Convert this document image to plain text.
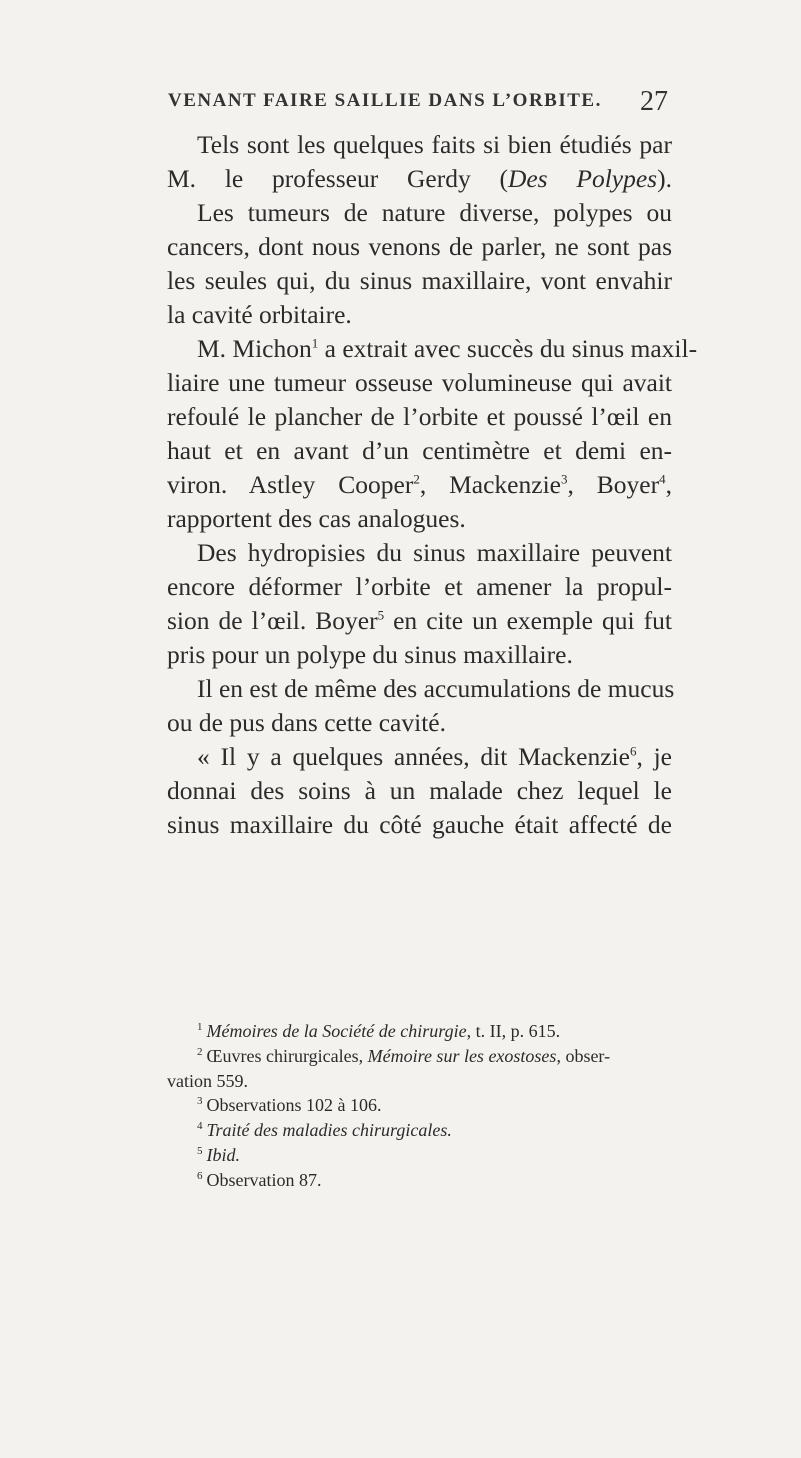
VENANT FAIRE SAILLIE DANS L’ORBITE. 27
Tels sont les quelques faits si bien étudiés par
M. le professeur Gerdy (Des Polypes).
Les tumeurs de nature diverse, polypes ou
cancers, dont nous venons de parler, ne sont pas
les seules qui, du sinus maxillaire, vont envahir
la cavité orbitaire.
M. Michon$^1$ a extrait avec succès du sinus maxil-
liaire une tumeur osseuse volumineuse qui avait
refoulé le plancher de l’orbite et poussé l’œil en
haut et en avant d’un centimètre et demi en-
viron. Astley Cooper$^2$, Mackenzie$^3$, Boyer$^4$,
rapportent des cas analogues.
Des hydropisies du sinus maxillaire peuvent
encore déformer l’orbite et amener la propul-
sion de l’œil. Boyer$^5$ en cite un exemple qui fut
pris pour un polype du sinus maxillaire.
Il en est de même des accumulations de mucus
ou de pus dans cette cavité.
« Il y a quelques années, dit Mackenzie$^6$, je
donnai des soins à un malade chez lequel le
sinus maxillaire du côté gauche était affecté de
$^1$ Mémoires de la Société de chirurgie, t. II, p. 615.
$^2$ Œuvres chirurgicales, Mémoire sur les exostoses, obser-
vation 559.
$^3$ Observations 102 à 106.
$^4$ Traité des maladies chirurgicales.
$^5$ Ibid.
$^6$ Observation 87.
